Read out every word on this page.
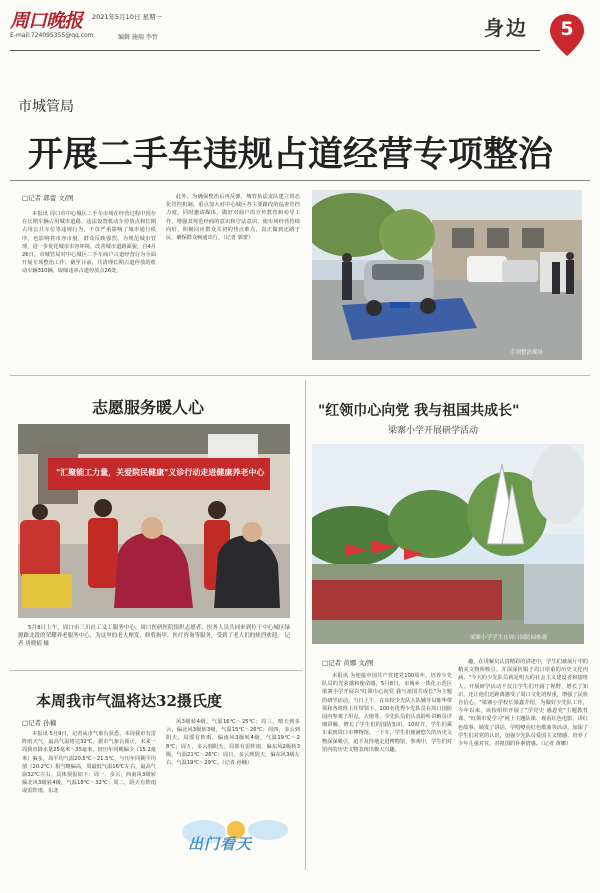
周口晚报 2021年5月10日 星期一
E-mail:724095355@qq.com	编辑 施瑞 李哲	身边	5
市城管局
开展二手车违规占道经营专项整治
□记者 郭蕾 文/图

本报讯 周口市中心城区二手车市场在经营过程中因存在长期车辆占用城市道路、违法设置机动车停放点和长期占用公共车位等违规行为，不仅严重影响了城市通行秩序，也影响着市容市貌，群众反映强烈。为规范城市管理，进一步优化城市市容环境，改善城市道路面貌，自4月26日，市城管局对中心城区二手车商户占道经营行为全面开展专项整治工作。截至目前，共清理长期占道停放的机动车辆310辆，取缔违章占道停放点26处。

此外，为确保整治后再反弹，城管执法支队建立常态化管控机制，重点加大对中心城区各主要路段的巡查管控力度，同时邀请媒体，做好对商户的宣传教育和劝导工作，增强其规范经商的意识和守法意识，使市场经营持续向好，积极回应群众关切的热点难点，真正做到还路于民，确保群众畅通出行。（记者 郭蕾）

专项整治现场
志愿服务暖人心
"汇聚能工力量，关爱院民健康"义诊行动走进健康养老中心
5月8日上午，周口市三川社工义工服务中心、周口医研医院组织志愿者、医务人员共同来到位于中心城区绿源路北段的荣耀养老服务中心，为这里的老人理发、修剪指甲、医疗咨询等服务，受到了老人们的热烈欢迎。 记者 唐晓娟 摄
"红领巾心向党 我与祖国共成长"
梁寨小学开展研学活动
梁寨小学学生在周口国防园参观
□记者 黄娜 文/图

本报讯 为迎接中国共产党建党100周年，培养少先队员的光荣感和使命感，5月8日，市城乡一体化示范区梁寨小学开展以"红领巾心向党 我与祖国共成长"为主题的研学活动。当日上午，在该校少先队大队辅导员陈华带领和各班班主任带领下，100名优秀少先队员在周口国防园内参观了坦克、大炮等，少先队员们认真聆听讲解员详细讲解，增长了学生们的国防知识。10时许，学生们乘车来到周口市博物馆。一下车，学生们便被悠久的历史文物深深吸引，迫不及待地走进博物馆，参观中，学生们对馆内的历史文物表现出极大兴趣。

趣。在讲解员认真精彩的讲述中，学生们被展厅中的精美文物所吸引，并深深折服于周口厚重的历史文化内涵。"今天的少先队员就是明天的社会主义建设者和接班人，开展研学活动不仅让学生们开阔了视野，增长了知识，还让他们近距离感受了周口文化的厚重，增强了民族自信心。"梁寨小学校长梁鑫介绍，为做好少先队工作，今年以来，该校组织开展了"学党史 感恩党"主题教育课、"红领巾爱学习"网上主题队课、观看红色电影、讲红色故事、颁发了讲话，学唱嘹亮红色歌曲等活动，加深了学生们对党的认识，加强少先队员爱国主义情感，培养了少年儿童对党、对祖国的朴素情感。（记者 黄娜）

本周我市气温将达32摄氏度
□记者 孙楠

本报讯 5月9日，记者从市气象台获悉，本周我市有雷阵雨天气，最高气温将达32℃。据市气象台预计，未来一周我市降水量25毫米～35毫米，较历年同期偏少（15.2毫米）偏多，周平均气温20.5℃～21.5℃，与历年同期平均值（20.2℃）相当略偏高，周最低气温16℃左右，最高气温32℃左右。具体预报如下：周一，多云，西南风3级转偏北风3级转4级，气温18℃～32℃；周二，阴天有阵雨或雷阵雨，东北

风3级转4级，气温16℃～25℃；周三，晴天到多云，偏北风3级转3级，气温15℃～26℃；周四，多云到阴天，局部有阵雨，偏南风3级转4级，气温19℃～28℃；周五，多云到阴天，局部有雷阵雨，偏东风2级转3级，气温21℃～26℃；周日，多云到阴天，偏东风3级左右，气温19℃～29℃。（记者 孙楠）

出门看天
